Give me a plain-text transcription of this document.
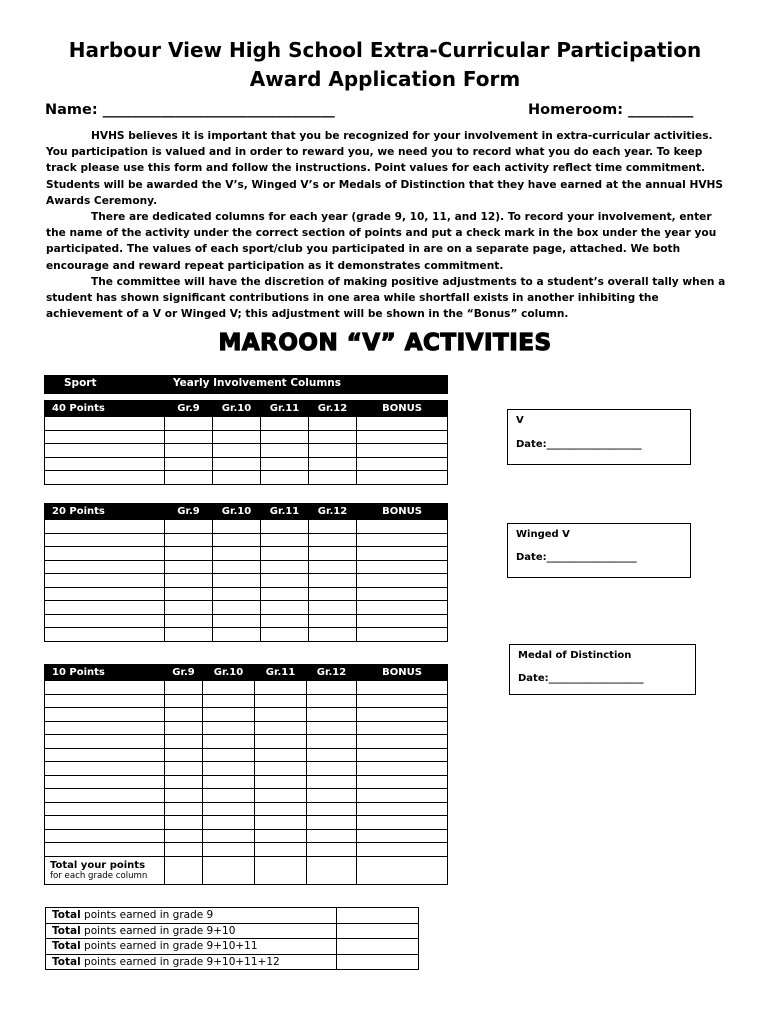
Harbour View High School Extra-Curricular Participation
Award Application Form
Name: ________________________________	Homeroom: _________

HVHS believes it is important that you be recognized for your involvement in extra-curricular activities. You participation is valued and in order to reward you, we need you to record what you do each year. To keep track please use this form and follow the instructions. Point values for each activity reflect time commitment. Students will be awarded the V’s, Winged V’s or Medals of Distinction that they have earned at the annual HVHS Awards Ceremony.

There are dedicated columns for each year (grade 9, 10, 11, and 12). To record your involvement, enter the name of the activity under the correct section of points and put a check mark in the box under the year you participated. The values of each sport/club you participated in are on a separate page, attached. We both encourage and reward repeat participation as it demonstrates commitment.

The committee will have the discretion of making positive adjustments to a student’s overall tally when a student has shown significant contributions in one area while shortfall exists in another inhibiting the achievement of a V or Winged V; this adjustment will be shown in the “Bonus” column.

MAROON “V” ACTIVITIES
Sport	Yearly Involvement Columns
40 Points	Gr.9	Gr.10	Gr.11	Gr.12	BONUS

20 Points	Gr.9	Gr.10	Gr.11	Gr.12	BONUS

10 Points	Gr.9	Gr.10	Gr.11	Gr.12	BONUS

Total your points
for each grade column					

V
Date:___________________
Winged V
Date:__________________
Medal of Distinction
Date:___________________
Total points earned in grade 9	
Total points earned in grade 9+10	
Total points earned in grade 9+10+11	
Total points earned in grade 9+10+11+12	
